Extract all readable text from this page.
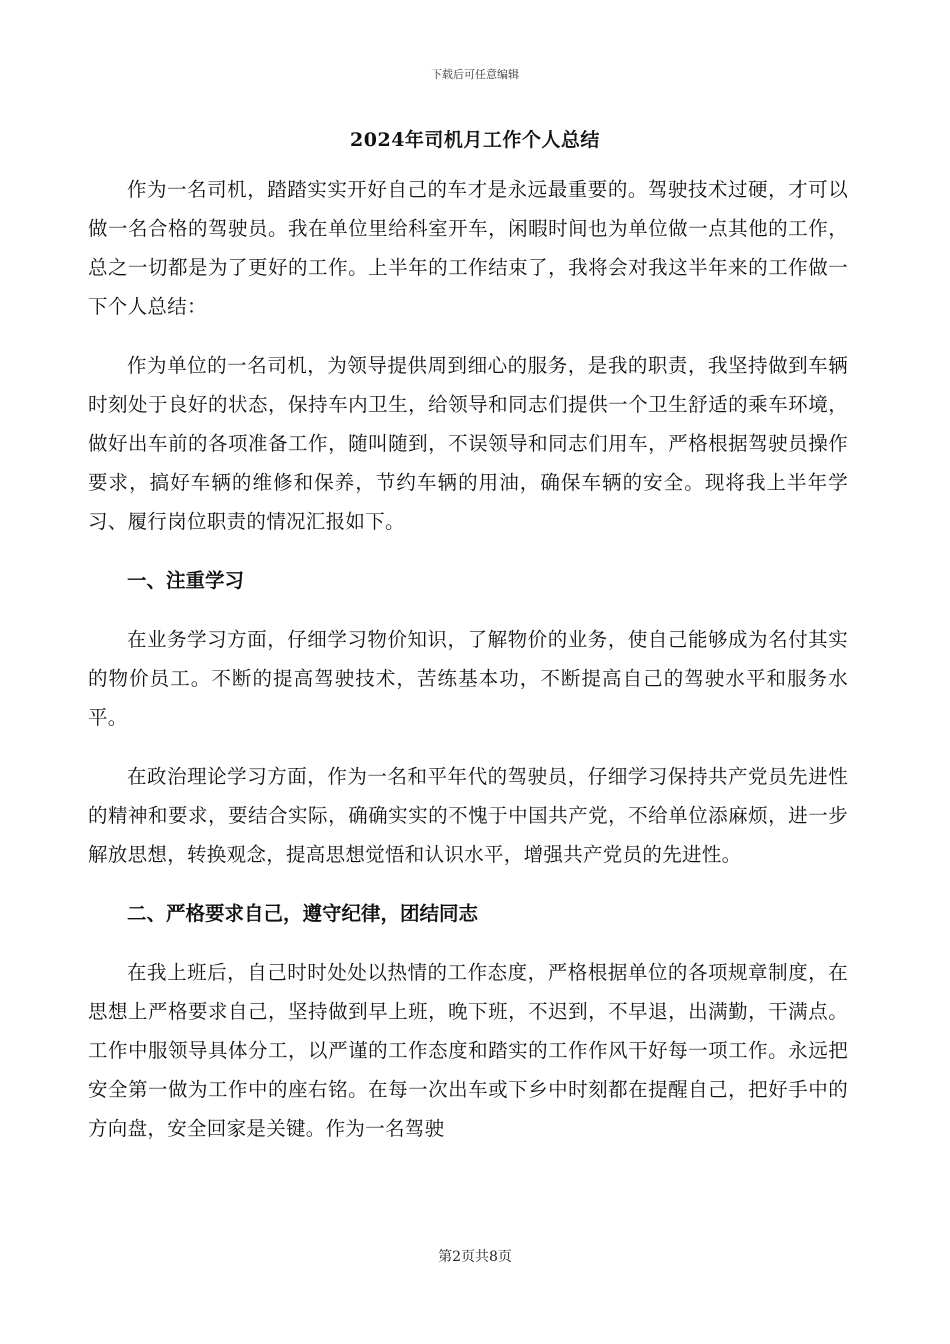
下载后可任意编辑
2024年司机月工作个人总结

作为一名司机，踏踏实实开好自己的车才是永远最重要的。驾驶技术过硬，才可以做一名合格的驾驶员。我在单位里给科室开车，闲暇时间也为单位做一点其他的工作，总之一切都是为了更好的工作。上半年的工作结束了，我将会对我这半年来的工作做一下个人总结：

作为单位的一名司机，为领导提供周到细心的服务，是我的职责，我坚持做到车辆时刻处于良好的状态，保持车内卫生，给领导和同志们提供一个卫生舒适的乘车环境，做好出车前的各项准备工作，随叫随到，不误领导和同志们用车，严格根据驾驶员操作要求，搞好车辆的维修和保养，节约车辆的用油，确保车辆的安全。现将我上半年学习、履行岗位职责的情况汇报如下。

一、注重学习

在业务学习方面，仔细学习物价知识，了解物价的业务，使自己能够成为名付其实的物价员工。不断的提高驾驶技术，苦练基本功，不断提高自己的驾驶水平和服务水平。

在政治理论学习方面，作为一名和平年代的驾驶员，仔细学习保持共产党员先进性的精神和要求，要结合实际，确确实实的不愧于中国共产党，不给单位添麻烦，进一步解放思想，转换观念，提高思想觉悟和认识水平，增强共产党员的先进性。

二、严格要求自己，遵守纪律，团结同志

在我上班后，自己时时处处以热情的工作态度，严格根据单位的各项规章制度，在思想上严格要求自己，坚持做到早上班，晚下班，不迟到，不早退，出满勤，干满点。工作中服领导具体分工，以严谨的工作态度和踏实的工作作风干好每一项工作。永远把安全第一做为工作中的座右铭。在每一次出车或下乡中时刻都在提醒自己，把好手中的方向盘，安全回家是关键。作为一名驾驶

第2页共8页
